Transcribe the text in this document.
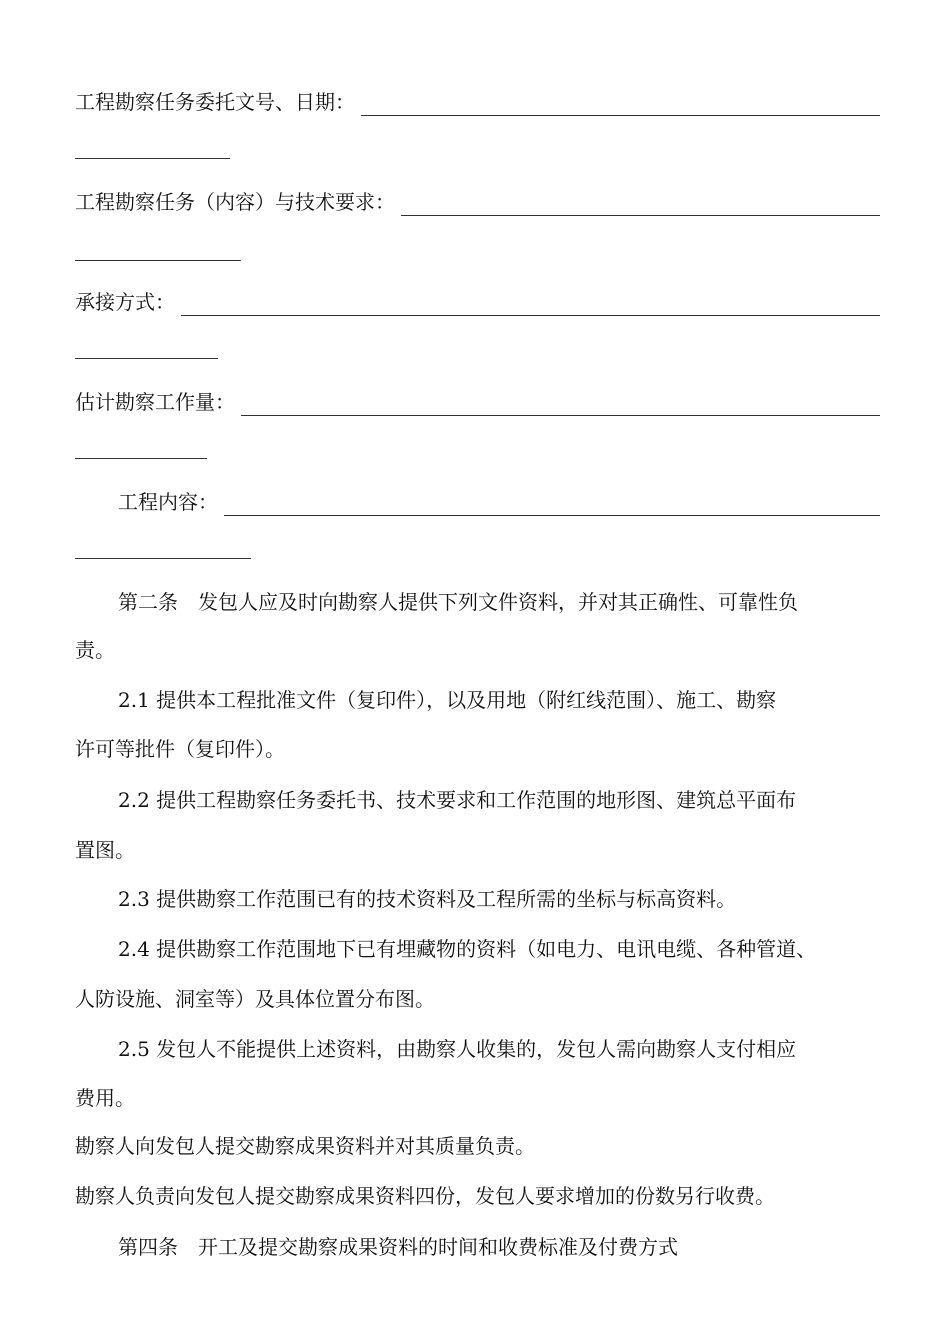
工程勘察任务委托文号、日期：
工程勘察任务（内容）与技术要求：
承接方式：
估计勘察工作量：
工程内容：
第二条　发包人应及时向勘察人提供下列文件资料，并对其正确性、可靠性负
责。
2.1 提供本工程批准文件（复印件），以及用地（附红线范围）、施工、勘察
许可等批件（复印件）。
2.2 提供工程勘察任务委托书、技术要求和工作范围的地形图、建筑总平面布
置图。
2.3 提供勘察工作范围已有的技术资料及工程所需的坐标与标高资料。
2.4 提供勘察工作范围地下已有埋藏物的资料（如电力、电讯电缆、各种管道、
人防设施、洞室等）及具体位置分布图。
2.5 发包人不能提供上述资料，由勘察人收集的，发包人需向勘察人支付相应
费用。
勘察人向发包人提交勘察成果资料并对其质量负责。
勘察人负责向发包人提交勘察成果资料四份，发包人要求增加的份数另行收费。
第四条　开工及提交勘察成果资料的时间和收费标准及付费方式
